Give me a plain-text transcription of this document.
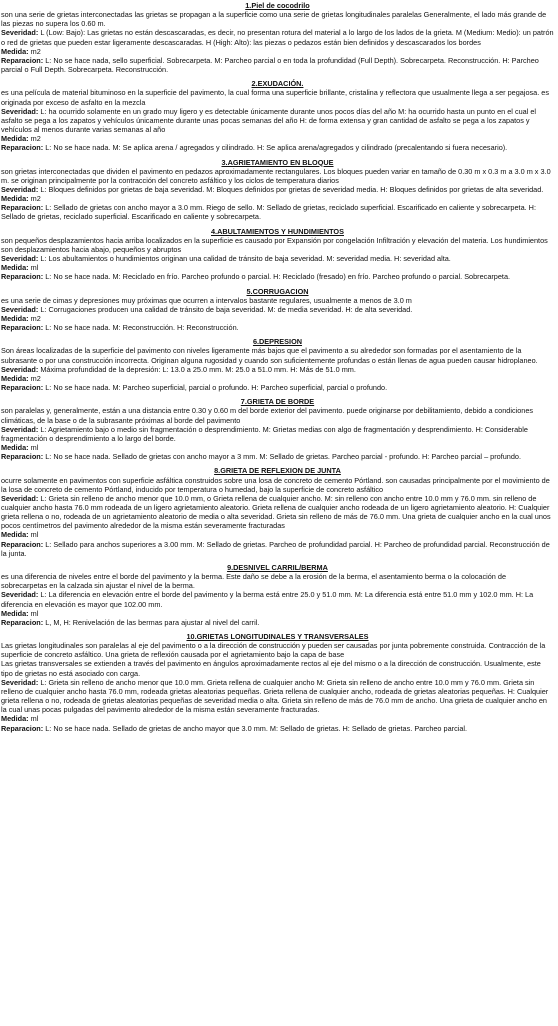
1.Piel de cocodrilo

son una serie de grietas interconectadas las grietas se propagan a la superficie como una serie de grietas longitudinales paralelas Generalmente, el lado más grande de las piezas no supera los 0.60 m.

Severidad: L (Low: Bajo): Las grietas no están descascaradas, es decir, no presentan rotura del material a lo largo de los lados de la grieta. M (Medium: Medio): un patrón o red de grietas que pueden estar ligeramente descascaradas. H (High: Alto): las piezas o pedazos están bien definidos y descascarados los bordes

Medida: m2

Reparacion: L: No se hace nada, sello superficial. Sobrecarpeta. M: Parcheo parcial o en toda la profundidad (Full Depth). Sobrecarpeta. Reconstrucción. H: Parcheo parcial o Full Depth. Sobrecarpeta. Reconstrucción.

2.EXUDACIÓN.

es una película de material bituminoso en la superficie del pavimento, la cual forma una superficie brillante, cristalina y reflectora que usualmente llega a ser pegajosa. es originada por exceso de asfalto en la mezcla

Severidad: L: ha ocurrido solamente en un grado muy ligero y es detectable únicamente durante unos pocos días del año M: ha ocurrido hasta un punto en el cual el asfalto se pega a los zapatos y vehículos únicamente durante unas pocas semanas del año H: de forma extensa y gran cantidad de asfalto se pega a los zapatos y vehículos al menos durante varias semanas al año

Medida: m2

Reparacion: L: No se hace nada. M: Se aplica arena / agregados y cilindrado. H: Se aplica arena/agregados y cilindrado (precalentando si fuera necesario).

3.AGRIETAMIENTO EN BLOQUE

son grietas interconectadas que dividen el pavimento en pedazos aproximadamente rectangulares. Los bloques pueden variar en tamaño de 0.30 m x 0.3 m a 3.0 m x 3.0 m. se originan principalmente por la contracción del concreto asfáltico y los ciclos de temperatura diarios

Severidad: L: Bloques definidos por grietas de baja severidad. M: Bloques definidos por grietas de severidad media. H: Bloques definidos por grietas de alta severidad.

Medida: m2

Reparacion: L: Sellado de grietas con ancho mayor a 3.0 mm. Riego de sello. M: Sellado de grietas, reciclado superficial. Escarificado en caliente y sobrecarpeta. H: Sellado de grietas, reciclado superficial. Escarificado en caliente y sobrecarpeta.

4.ABULTAMIENTOS Y HUNDIMIENTOS

son pequeños desplazamientos hacia arriba localizados en la superficie es causado por Expansión por congelación Infiltración y elevación del materia. Los hundimientos son desplazamientos hacia abajo, pequeños y abruptos

Severidad: L: Los abultamientos o hundimientos originan una calidad de tránsito de baja severidad. M: severidad media. H: severidad alta.

Medida: ml

Reparacion: L: No se hace nada. M: Reciclado en frío. Parcheo profundo o parcial. H: Reciclado (fresado) en frío. Parcheo profundo o parcial. Sobrecarpeta.

5.CORRUGACION

es una serie de cimas y depresiones muy próximas que ocurren a intervalos bastante regulares, usualmente a menos de 3.0 m

Severidad: L: Corrugaciones producen una calidad de tránsito de baja severidad. M: de media severidad. H: de alta severidad.

Medida: m2

Reparacion: L: No se hace nada. M: Reconstrucción. H: Reconstrucción.

6.DEPRESION

Son áreas localizadas de la superficie del pavimento con niveles ligeramente más bajos que el pavimento a su alrededor son formadas por el asentamiento de la subrasante o por una construcción incorrecta. Originan alguna rugosidad y cuando son suficientemente profundas o están llenas de agua pueden causar hidroplaneo.

Severidad: Máxima profundidad de la depresión: L: 13.0 a 25.0 mm. M: 25.0 a 51.0 mm. H: Más de 51.0 mm.

Medida: m2

Reparacion: L: No se hace nada. M: Parcheo superficial, parcial o profundo. H: Parcheo superficial, parcial o profundo.

7.GRIETA DE BORDE

son paralelas y, generalmente, están a una distancia entre 0.30 y 0.60 m del borde exterior del pavimento. puede originarse por debilitamiento, debido a condiciones climáticas, de la base o de la subrasante próximas al borde del pavimento

Severidad: L: Agrietamiento bajo o medio sin fragmentación o desprendimiento. M: Grietas medias con algo de fragmentación y desprendimiento. H: Considerable fragmentación o desprendimiento a lo largo del borde.

Medida: ml

Reparacion: L: No se hace nada. Sellado de grietas con ancho mayor a 3 mm. M: Sellado de grietas. Parcheo parcial - profundo. H: Parcheo parcial – profundo.

8.GRIETA DE REFLEXION DE JUNTA

ocurre solamente en pavimentos con superficie asfáltica construidos sobre una losa de concreto de cemento Pórtland. son causadas principalmente por el movimiento de la losa de concreto de cemento Pórtland, inducido por temperatura o humedad, bajo la superficie de concreto asfáltico

Severidad: L: Grieta sin relleno de ancho menor que 10.0 mm, o Grieta rellena de cualquier ancho. M: sin relleno con ancho entre 10.0 mm y 76.0 mm. sin relleno de cualquier ancho hasta 76.0 mm rodeada de un ligero agrietamiento aleatorio. Grieta rellena de cualquier ancho rodeada de un ligero agrietamiento aleatorio. H: Cualquier grieta rellena o no, rodeada de un agrietamiento aleatorio de media o alta severidad. Grieta sin relleno de más de 76.0 mm. Una grieta de cualquier ancho en la cual unos pocos centímetros del pavimento alrededor de la misma están severamente fracturadas

Medida: ml

Reparacion: L: Sellado para anchos superiores a 3.00 mm. M: Sellado de grietas. Parcheo de profundidad parcial. H: Parcheo de profundidad parcial. Reconstrucción de la junta.

9.DESNIVEL CARRIL/BERMA

es una diferencia de niveles entre el borde del pavimento y la berma. Este daño se debe a la erosión de la berma, el asentamiento berma o la colocación de sobrecarpetas en la calzada sin ajustar el nivel de la berma.

Severidad: L: La diferencia en elevación entre el borde del pavimento y la berma está entre 25.0 y 51.0 mm. M: La diferencia está entre 51.0 mm y 102.0 mm. H: La diferencia en elevación es mayor que 102.00 mm.

Medida: ml

Reparacion: L, M, H: Renivelación de las bermas para ajustar al nivel del carril.

10.GRIETAS LONGITUDINALES Y TRANSVERSALES

Las grietas longitudinales son paralelas al eje del pavimento o a la dirección de construcción y pueden ser causadas por junta pobremente construida. Contracción de la superficie de concreto asfáltico. Una grieta de reflexión causada por el agrietamiento bajo la capa de base

Las grietas transversales se extienden a través del pavimento en ángulos aproximadamente rectos al eje del mismo o a la dirección de construcción. Usualmente, este tipo de grietas no está asociado con carga.

Severidad: L: Grieta sin relleno de ancho menor que 10.0 mm. Grieta rellena de cualquier ancho M: Grieta sin relleno de ancho entre 10.0 mm y 76.0 mm. Grieta sin relleno de cualquier ancho hasta 76.0 mm, rodeada grietas aleatorias pequeñas. Grieta rellena de cualquier ancho, rodeada de grietas aleatorias pequeñas. H: Cualquier grieta rellena o no, rodeada de grietas aleatorias pequeñas de severidad media o alta. Grieta sin relleno de más de 76.0 mm de ancho. Una grieta de cualquier ancho en la cual unas pocas pulgadas del pavimento alrededor de la misma están severamente fracturadas.

Medida: ml

Reparacion: L: No se hace nada. Sellado de grietas de ancho mayor que 3.0 mm. M: Sellado de grietas. H: Sellado de grietas. Parcheo parcial.
